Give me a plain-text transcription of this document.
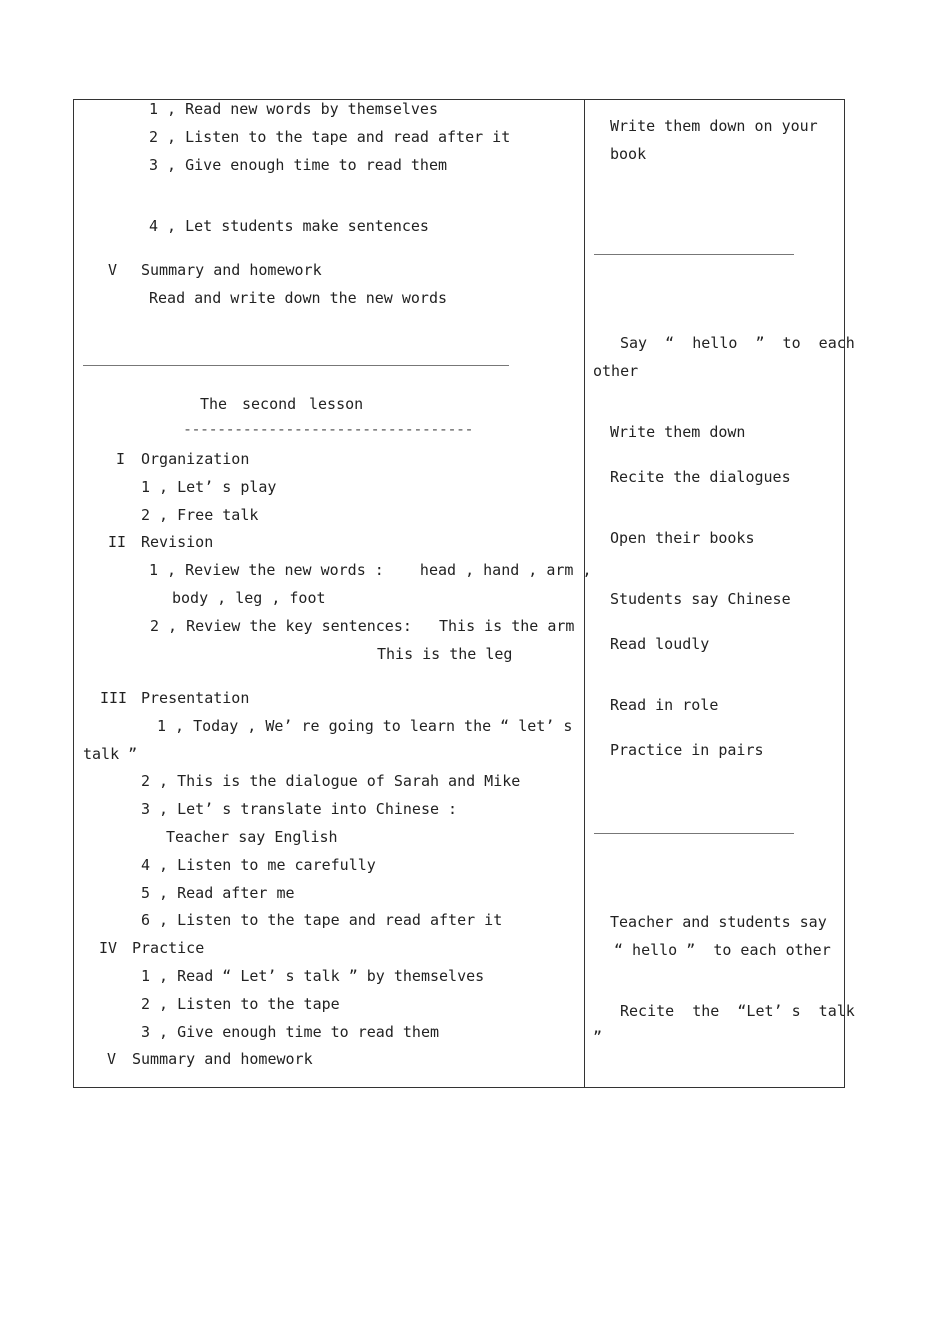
1 , Read new words by themselves
2 , Listen to the tape and read after it
3 , Give enough time to read them
4 , Let students make sentences
V Summary and homework
Read and write down the new words
The second lesson
----------------------------------
I Organization
1 , Let’ s play
2 , Free talk
II Revision
1 , Review the new words :    head , hand , arm ,
body , leg , foot
2 , Review the key sentences:   This is the arm
This is the leg
III Presentation
1 , Today , We’ re going to learn the “ let’ s
talk ”
2 , This is the dialogue of Sarah and Mike
3 , Let’ s translate into Chinese :
Teacher say English
4 , Listen to me carefully
5 , Read after me
6 , Listen to the tape and read after it
IV Practice
1 , Read “ Let’ s talk ” by themselves
2 , Listen to the tape
3 , Give enough time to read them
V Summary and homework
Write them down on your
book
Say  “  hello  ”  to  each
other
Write them down
Recite the dialogues
Open their books
Students say Chinese
Read loudly
Read in role
Practice in pairs
Teacher and students say
“ hello ”  to each other
Recite  the  “Let’ s  talk
”
